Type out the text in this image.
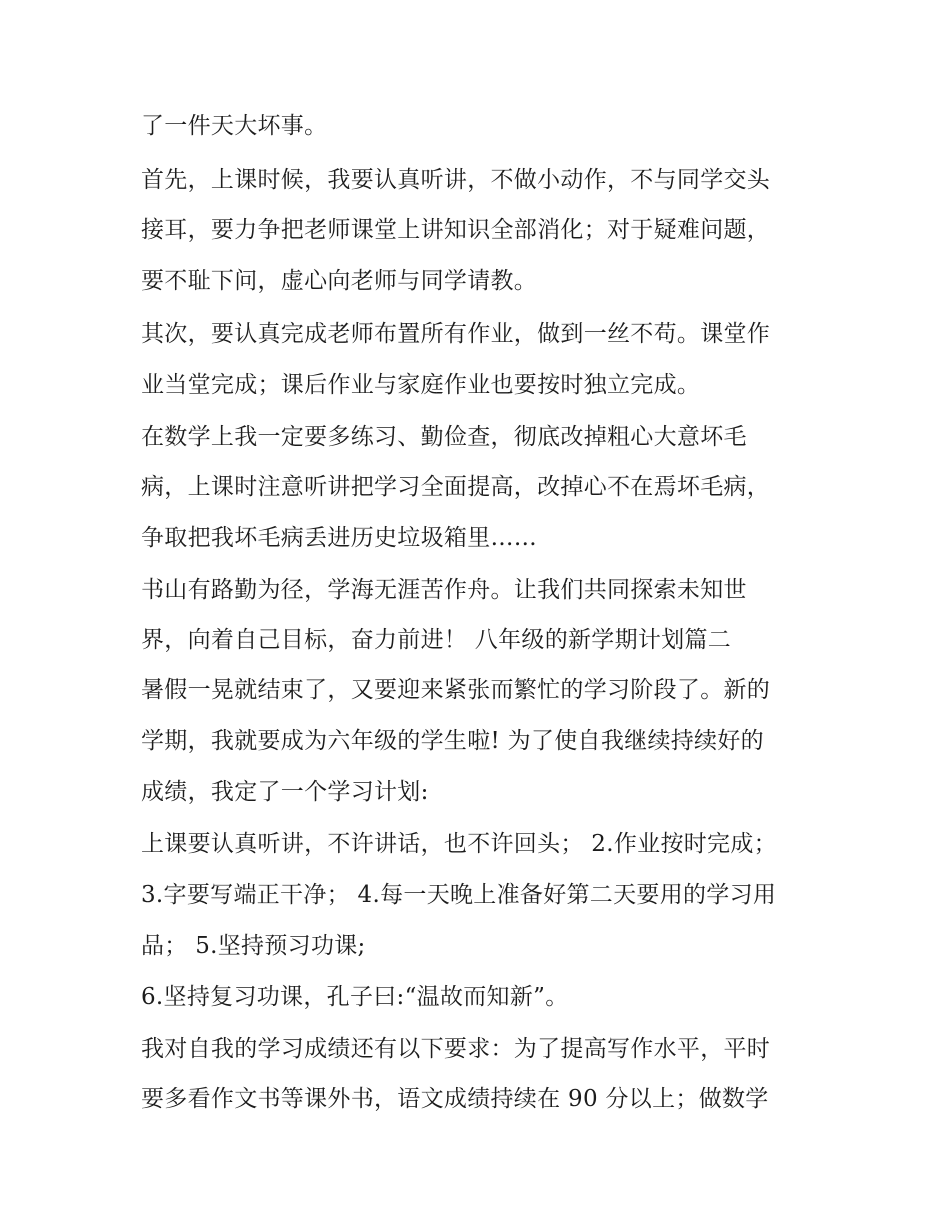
了一件天大坏事。

首先，上课时候，我要认真听讲，不做小动作，不与同学交头

接耳，要力争把老师课堂上讲知识全部消化；对于疑难问题，

要不耻下问，虚心向老师与同学请教。

其次，要认真完成老师布置所有作业，做到一丝不苟。课堂作

业当堂完成；课后作业与家庭作业也要按时独立完成。

在数学上我一定要多练习、勤俭查，彻底改掉粗心大意坏毛

病，上课时注意听讲把学习全面提高，改掉心不在焉坏毛病，

争取把我坏毛病丢进历史垃圾箱里……

书山有路勤为径，学海无涯苦作舟。让我们共同探索未知世

界，向着自己目标，奋力前进！ 八年级的新学期计划篇二

暑假一晃就结束了，又要迎来紧张而繁忙的学习阶段了。新的

学期，我就要成为六年级的学生啦! 为了使自我继续持续好的

成绩，我定了一个学习计划:

上课要认真听讲，不许讲话，也不许回头； 2.作业按时完成；

3.字要写端正干净； 4.每一天晚上准备好第二天要用的学习用

品； 5.坚持预习功课;

6.坚持复习功课，孔子曰:“温故而知新”。

我对自我的学习成绩还有以下要求：为了提高写作水平，平时

要多看作文书等课外书，语文成绩持续在 90 分以上；做数学
